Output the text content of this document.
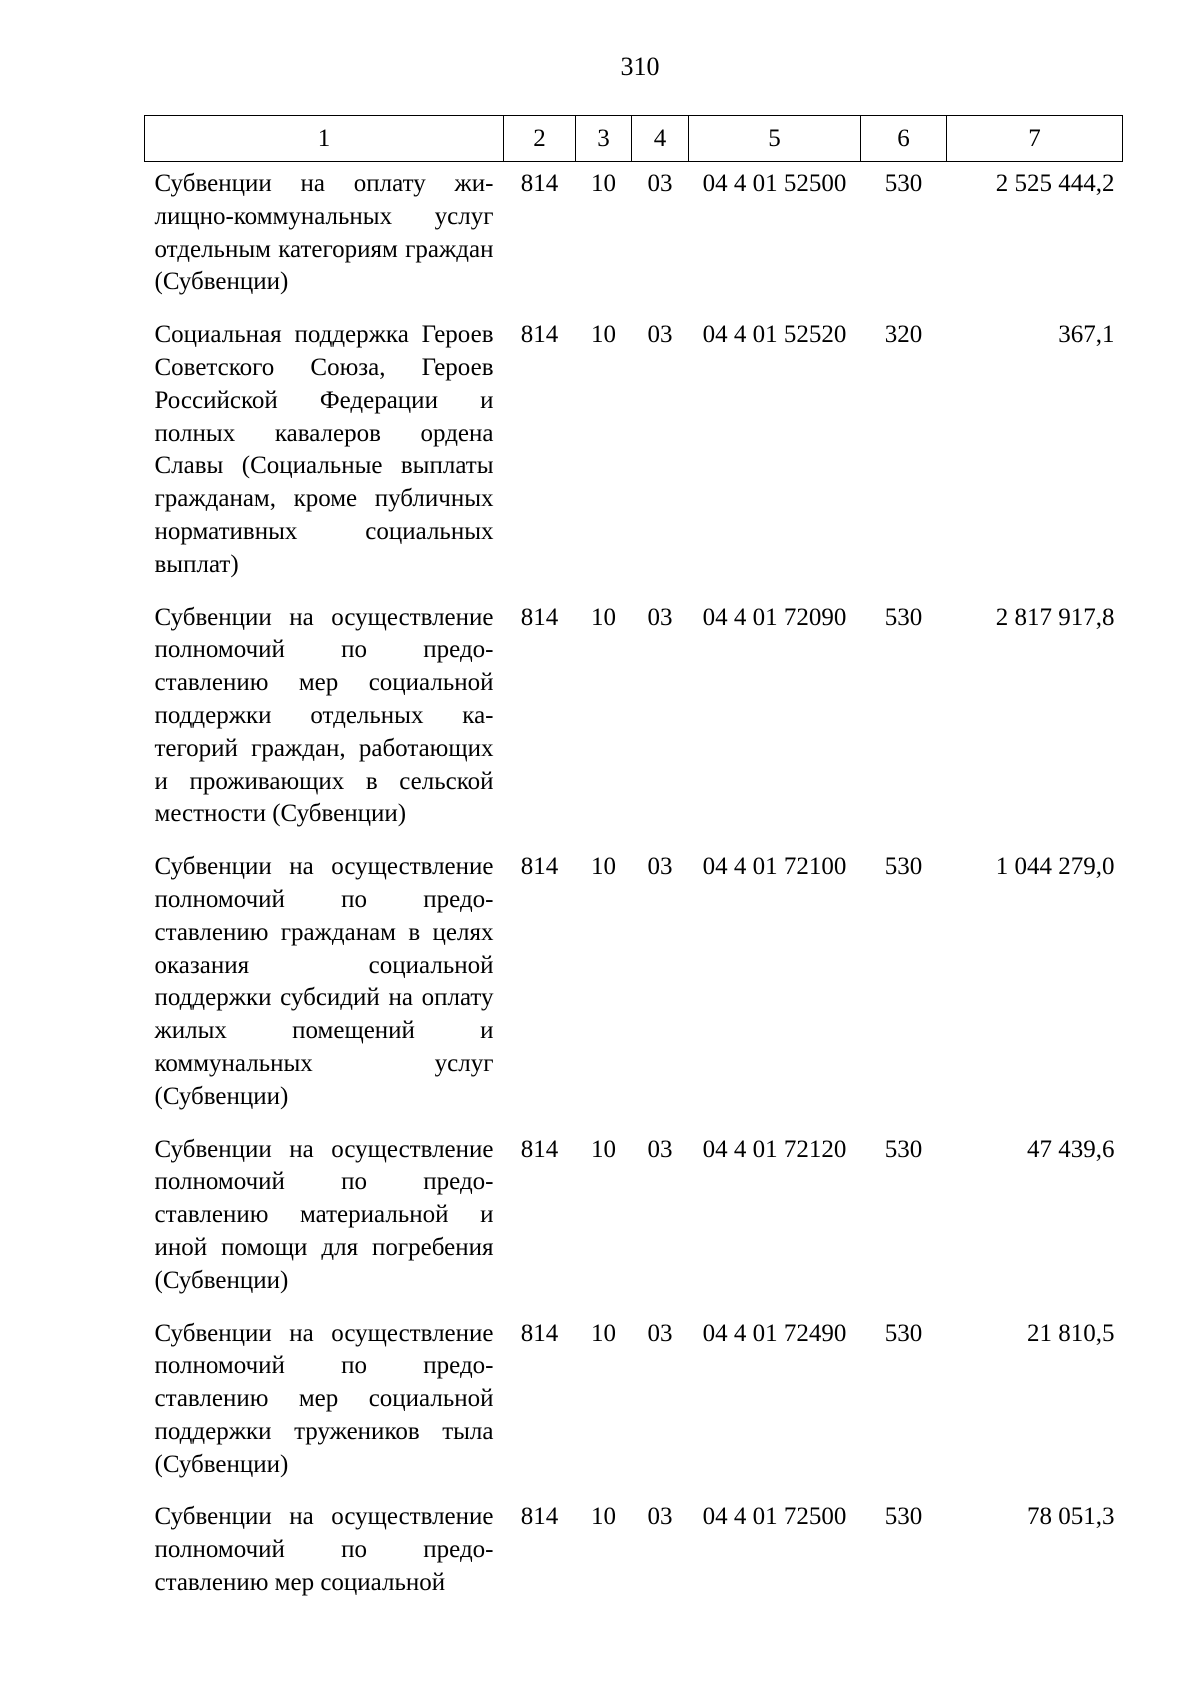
310
1	2	3	4	5	6	7
Субвенции на оплату жилищно-коммунальных услуг отдельным категориям граждан (Субвенции)	814	10	03	04 4 01 52500	530	2 525 444,2
Социальная поддержка Героев Советского Союза, Героев Российской Федерации и полных кавалеров ордена Славы (Социальные выплаты гражданам, кроме публичных нормативных социальных выплат)	814	10	03	04 4 01 52520	320	367,1
Субвенции на осуществление полномочий по предоставлению мер социальной поддержки отдельных категорий граждан, работающих и проживающих в сельской местности (Субвенции)	814	10	03	04 4 01 72090	530	2 817 917,8
Субвенции на осуществление полномочий по предоставлению гражданам в целях оказания социальной поддержки субсидий на оплату жилых помещений и коммунальных услуг (Субвенции)	814	10	03	04 4 01 72100	530	1 044 279,0
Субвенции на осуществление полномочий по предоставлению материальной и иной помощи для погребения (Субвенции)	814	10	03	04 4 01 72120	530	47 439,6
Субвенции на осуществление полномочий по предоставлению мер социальной поддержки тружеников тыла (Субвенции)	814	10	03	04 4 01 72490	530	21 810,5
Субвенции на осуществление полномочий по предоставлению мер социальной	814	10	03	04 4 01 72500	530	78 051,3
